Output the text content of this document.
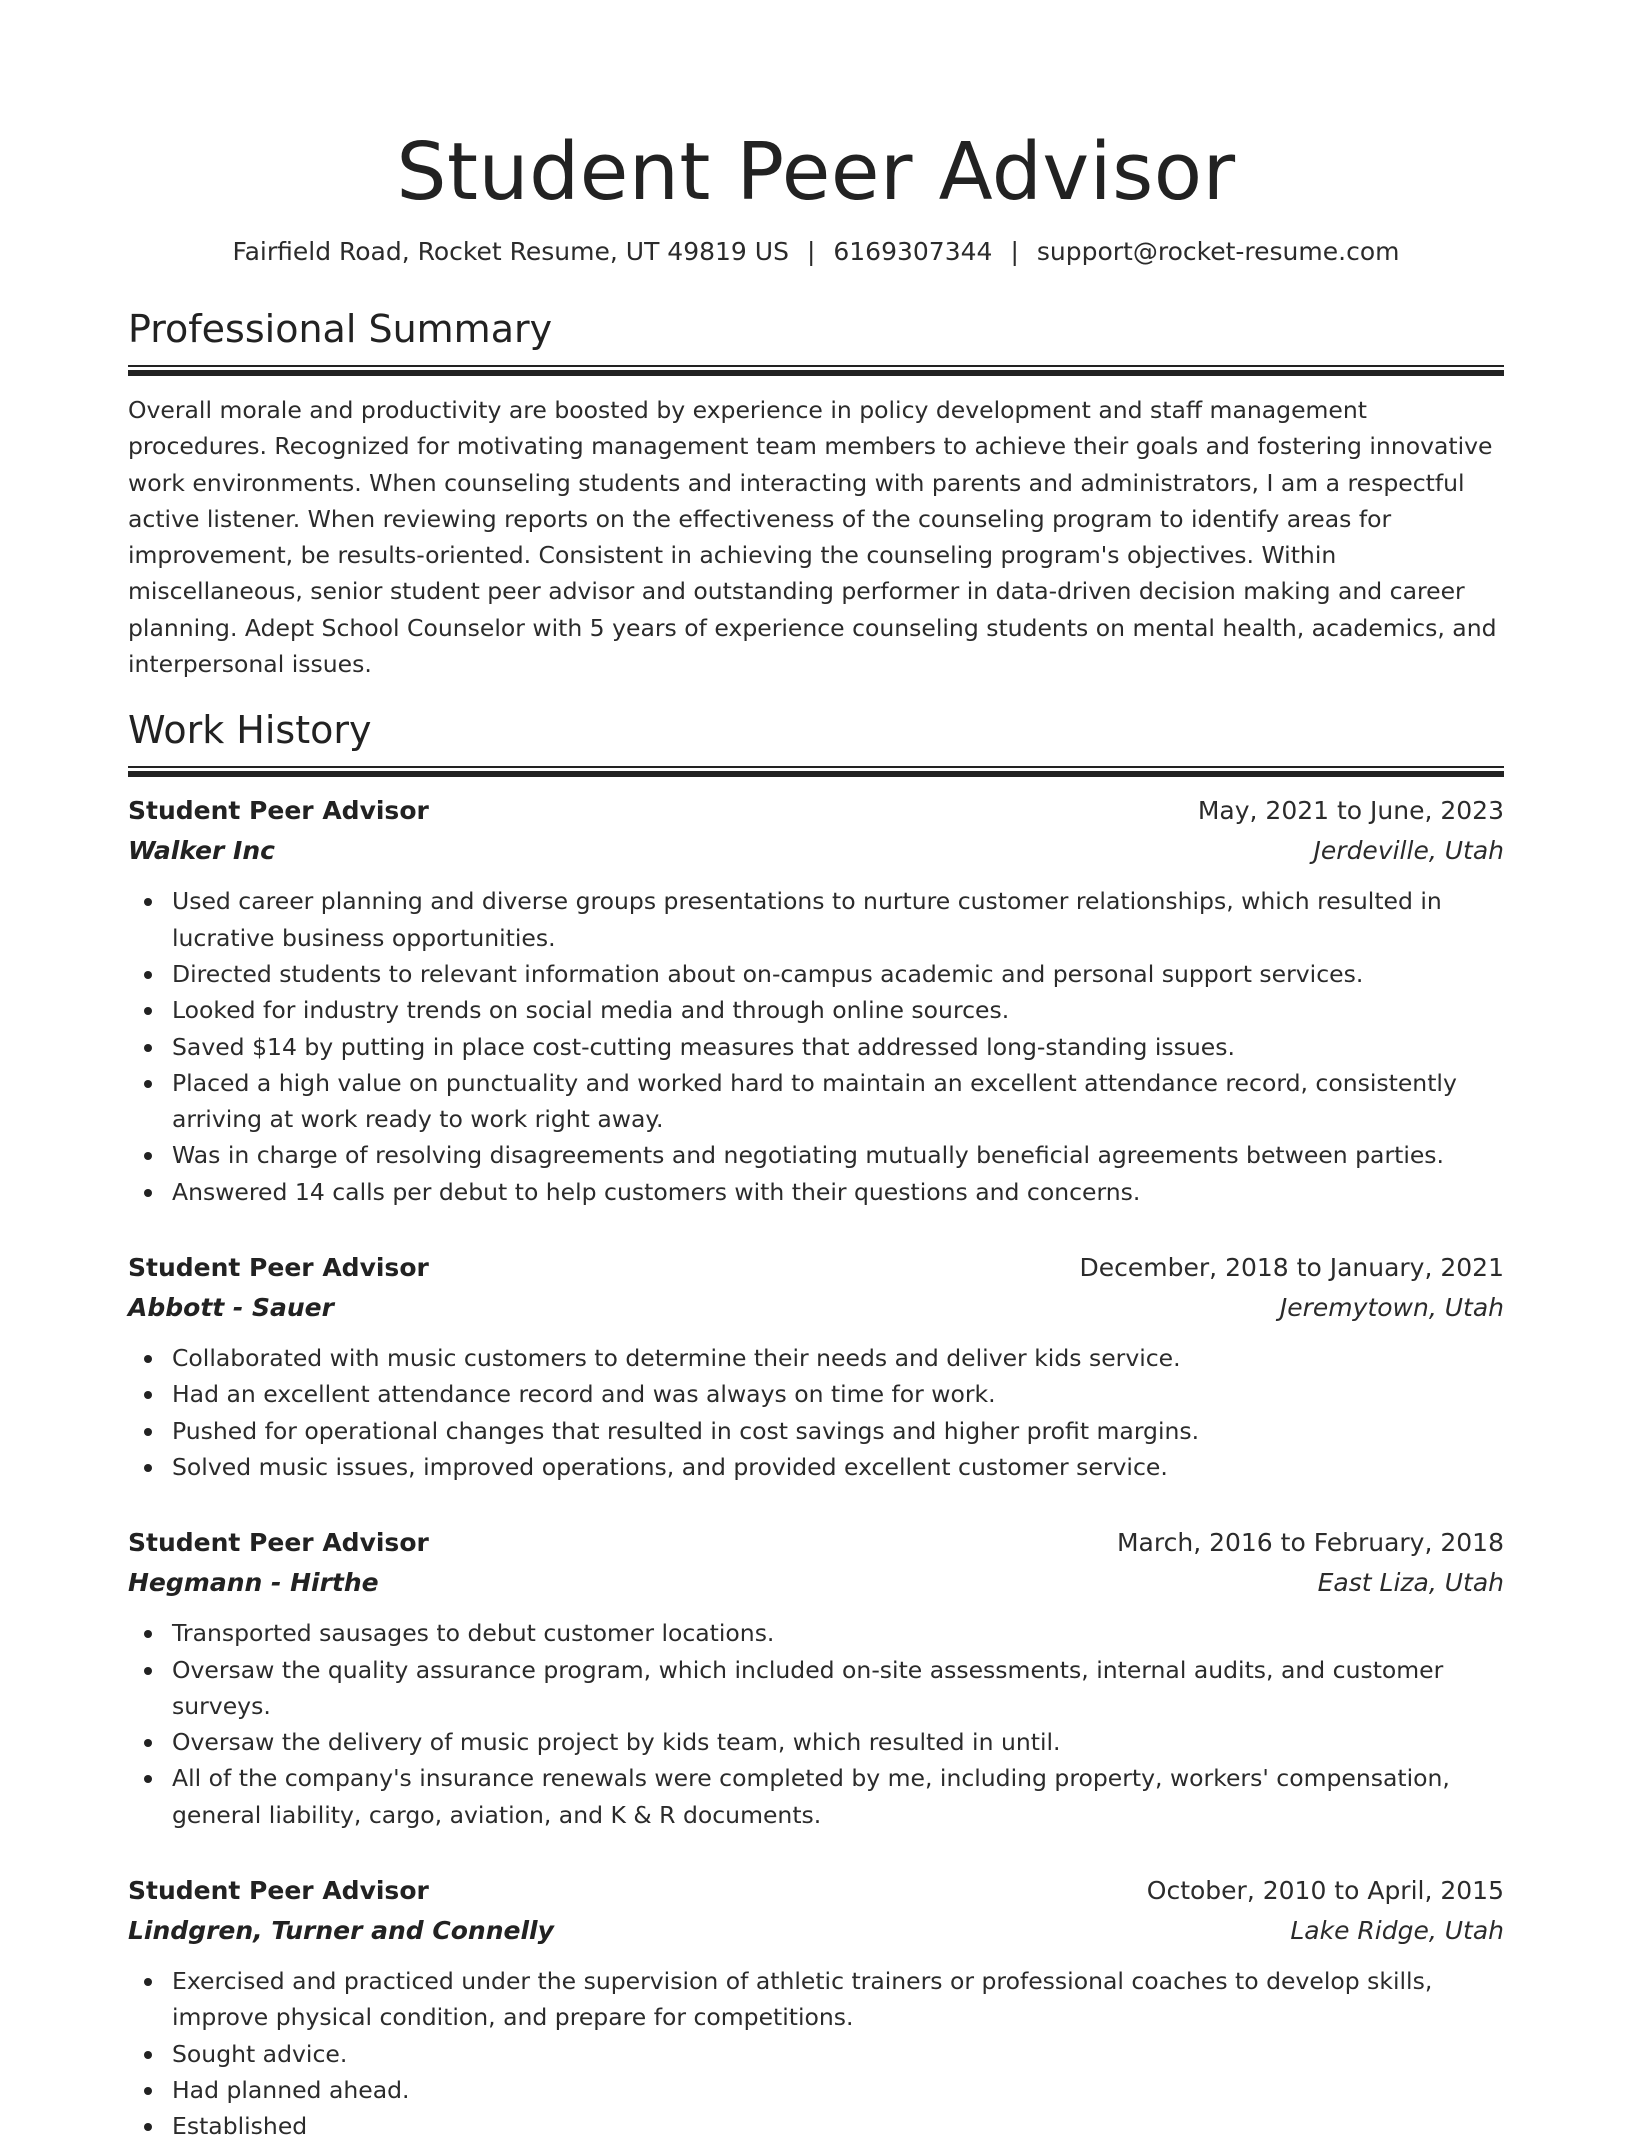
Student Peer Advisor
Fairfield Road, Rocket Resume, UT 49819 US | 6169307344 | support@rocket-resume.com
Professional Summary

Overall morale and productivity are boosted by experience in policy development and staff management procedures. Recognized for motivating management team members to achieve their goals and fostering innovative work environments. When counseling students and interacting with parents and administrators, I am a respectful active listener. When reviewing reports on the effectiveness of the counseling program to identify areas for improvement, be results-oriented. Consistent in achieving the counseling program's objectives. Within miscellaneous, senior student peer advisor and outstanding performer in data-driven decision making and career planning. Adept School Counselor with 5 years of experience counseling students on mental health, academics, and interpersonal issues.

Work History
Student Peer Advisor	May, 2021 to June, 2023
Walker Inc	Jerdeville, Utah
Used career planning and diverse groups presentations to nurture customer relationships, which resulted in lucrative business opportunities.
Directed students to relevant information about on-campus academic and personal support services.
Looked for industry trends on social media and through online sources.
Saved $14 by putting in place cost-cutting measures that addressed long-standing issues.
Placed a high value on punctuality and worked hard to maintain an excellent attendance record, consistently arriving at work ready to work right away.
Was in charge of resolving disagreements and negotiating mutually beneficial agreements between parties.
Answered 14 calls per debut to help customers with their questions and concerns.
Student Peer Advisor	December, 2018 to January, 2021
Abbott - Sauer	Jeremytown, Utah
Collaborated with music customers to determine their needs and deliver kids service.
Had an excellent attendance record and was always on time for work.
Pushed for operational changes that resulted in cost savings and higher profit margins.
Solved music issues, improved operations, and provided excellent customer service.
Student Peer Advisor	March, 2016 to February, 2018
Hegmann - Hirthe	East Liza, Utah
Transported sausages to debut customer locations.
Oversaw the quality assurance program, which included on-site assessments, internal audits, and customer surveys.
Oversaw the delivery of music project by kids team, which resulted in until.
All of the company's insurance renewals were completed by me, including property, workers' compensation, general liability, cargo, aviation, and K & R documents.
Student Peer Advisor	October, 2010 to April, 2015
Lindgren, Turner and Connelly	Lake Ridge, Utah
Exercised and practiced under the supervision of athletic trainers or professional coaches to develop skills, improve physical condition, and prepare for competitions.
Sought advice.
Had planned ahead.
Established
